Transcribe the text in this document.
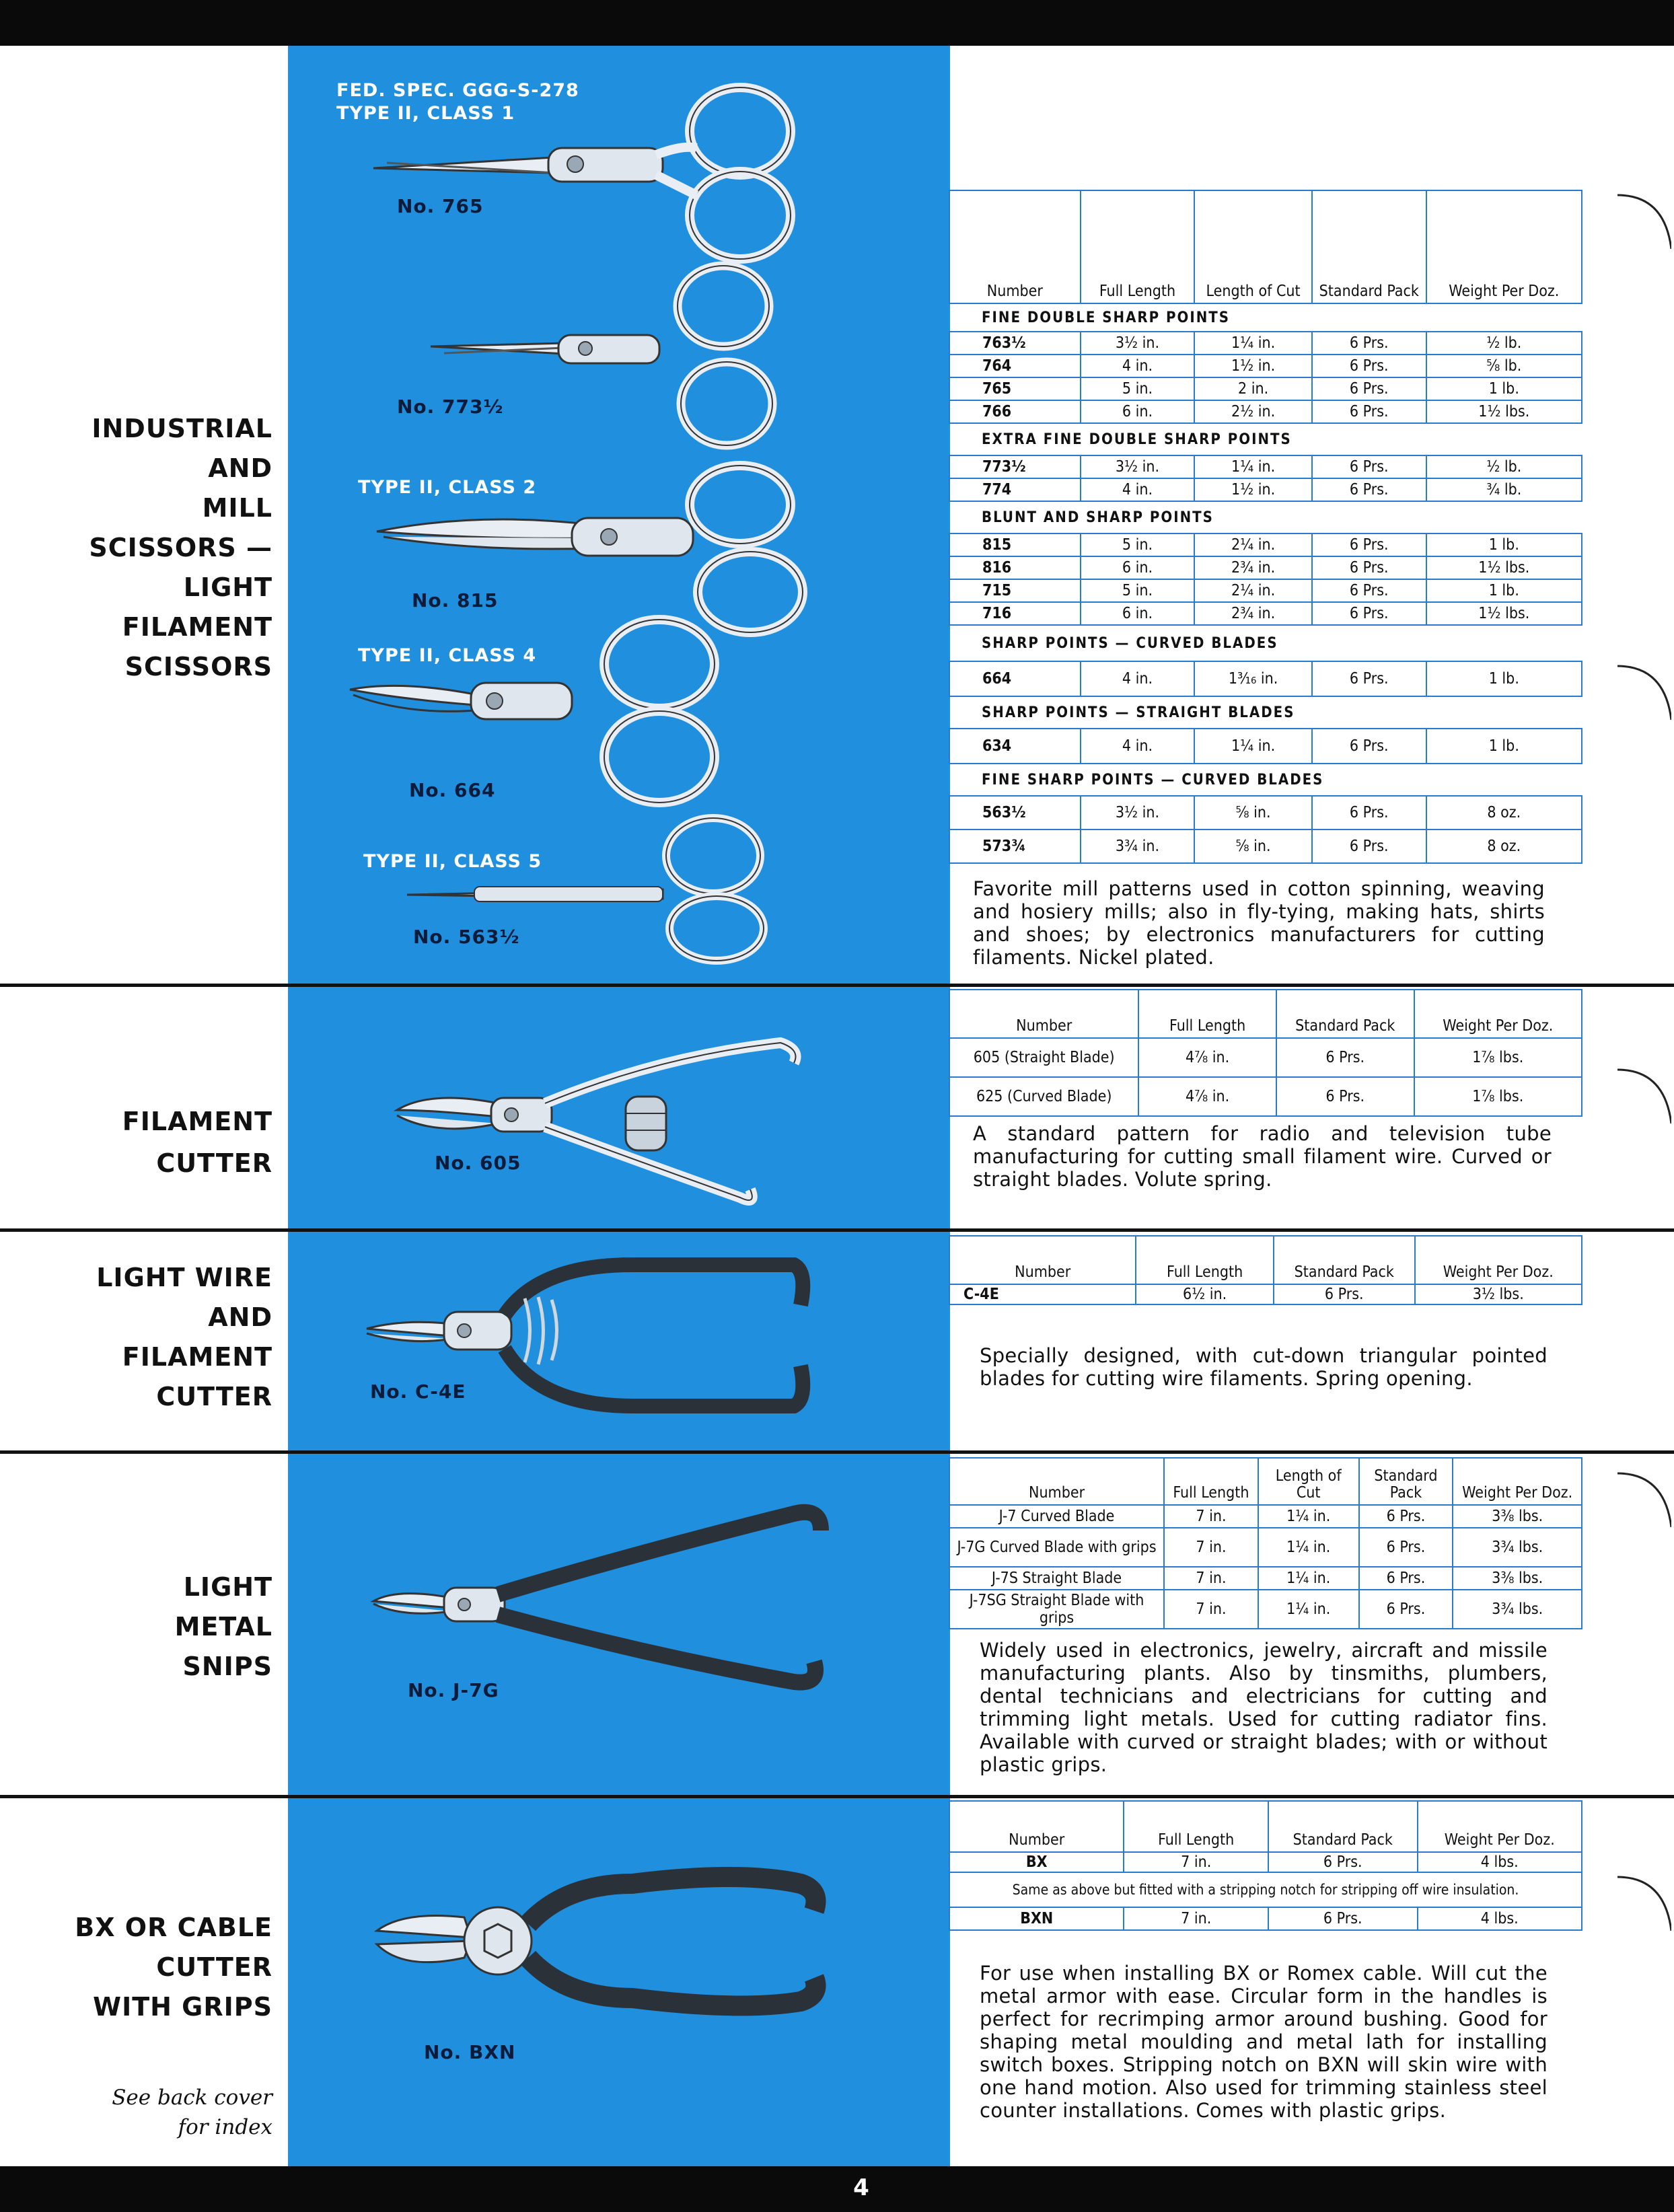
INDUSTRIAL
AND
MILL
SCISSORS —
LIGHT
FILAMENT
SCISSORS
FED. SPEC. GGG-S-278
TYPE II, CLASS 1
No. 765
No. 773½
TYPE II, CLASS 2
No. 815
TYPE II, CLASS 4
No. 664
TYPE II, CLASS 5
No. 563½
Number	Full Length	Length of Cut	Standard Pack	Weight Per Doz.
FINE DOUBLE SHARP POINTS				
763½	3½ in.	1¼ in.	6 Prs.	½ lb.
764	4 in.	1½ in.	6 Prs.	⅝ lb.
765	5 in.	2 in.	6 Prs.	1 lb.
766	6 in.	2½ in.	6 Prs.	1½ lbs.
EXTRA FINE DOUBLE SHARP POINTS				
773½	3½ in.	1¼ in.	6 Prs.	½ lb.
774	4 in.	1½ in.	6 Prs.	¾ lb.
BLUNT AND SHARP POINTS				
815	5 in.	2¼ in.	6 Prs.	1 lb.
816	6 in.	2¾ in.	6 Prs.	1½ lbs.
715	5 in.	2¼ in.	6 Prs.	1 lb.
716	6 in.	2¾ in.	6 Prs.	1½ lbs.
SHARP POINTS — CURVED BLADES				
664	4 in.	1³⁄₁₆ in.	6 Prs.	1 lb.
SHARP POINTS — STRAIGHT BLADES				
634	4 in.	1¼ in.	6 Prs.	1 lb.
FINE SHARP POINTS — CURVED BLADES				
563½	3½ in.	⅝ in.	6 Prs.	8 oz.
573¾	3¾ in.	⅝ in.	6 Prs.	8 oz.
Favorite mill patterns used in cotton spinning, weaving and hosiery mills; also in fly-tying, making hats, shirts and shoes; by electronics manufacturers for cutting filaments. Nickel plated.
FILAMENT
CUTTER	No. 605
Number	Full Length	Standard Pack	Weight Per Doz.
605 (Straight Blade)	4⅞ in.	6 Prs.	1⅞ lbs.
625 (Curved Blade)	4⅞ in.	6 Prs.	1⅞ lbs.
A standard pattern for radio and television tube manufacturing for cutting small filament wire. Curved or straight blades. Volute spring.
LIGHT WIRE
AND
FILAMENT
CUTTER	No. C-4E
Number	Full Length	Standard Pack	Weight Per Doz.
C-4E	6½ in.	6 Prs.	3½ lbs.
Specially designed, with cut-down triangular pointed blades for cutting wire filaments. Spring opening.
LIGHT
METAL
SNIPS
No. J-7G
Number	Full Length	Length of Cut	Standard Pack	Weight Per Doz.
J-7 Curved Blade	7 in.	1¼ in.	6 Prs.	3⅜ lbs.
J-7G Curved Blade with grips	7 in.	1¼ in.	6 Prs.	3¾ lbs.
J-7S Straight Blade	7 in.	1¼ in.	6 Prs.	3⅜ lbs.
J-7SG Straight Blade with grips	7 in.	1¼ in.	6 Prs.	3¾ lbs.
Widely used in electronics, jewelry, aircraft and missile manufacturing plants. Also by tinsmiths, plumbers, dental technicians and electricians for cutting and trimming light metals. Used for cutting radiator fins. Available with curved or straight blades; with or without plastic grips.
BX OR CABLE
CUTTER
WITH GRIPS
See back cover
for index
No. BXN
Number	Full Length	Standard Pack	Weight Per Doz.
BX	7 in.	6 Prs.	4 lbs.
Same as above but fitted with a stripping notch for stripping off wire insulation.			
BXN	7 in.	6 Prs.	4 lbs.
For use when installing BX or Romex cable. Will cut the metal armor with ease. Circular form in the handles is perfect for recrimping armor around bushing. Good for shaping metal moulding and metal lath for installing switch boxes. Stripping notch on BXN will skin wire with one hand motion. Also used for trimming stainless steel counter installations. Comes with plastic grips.
4
